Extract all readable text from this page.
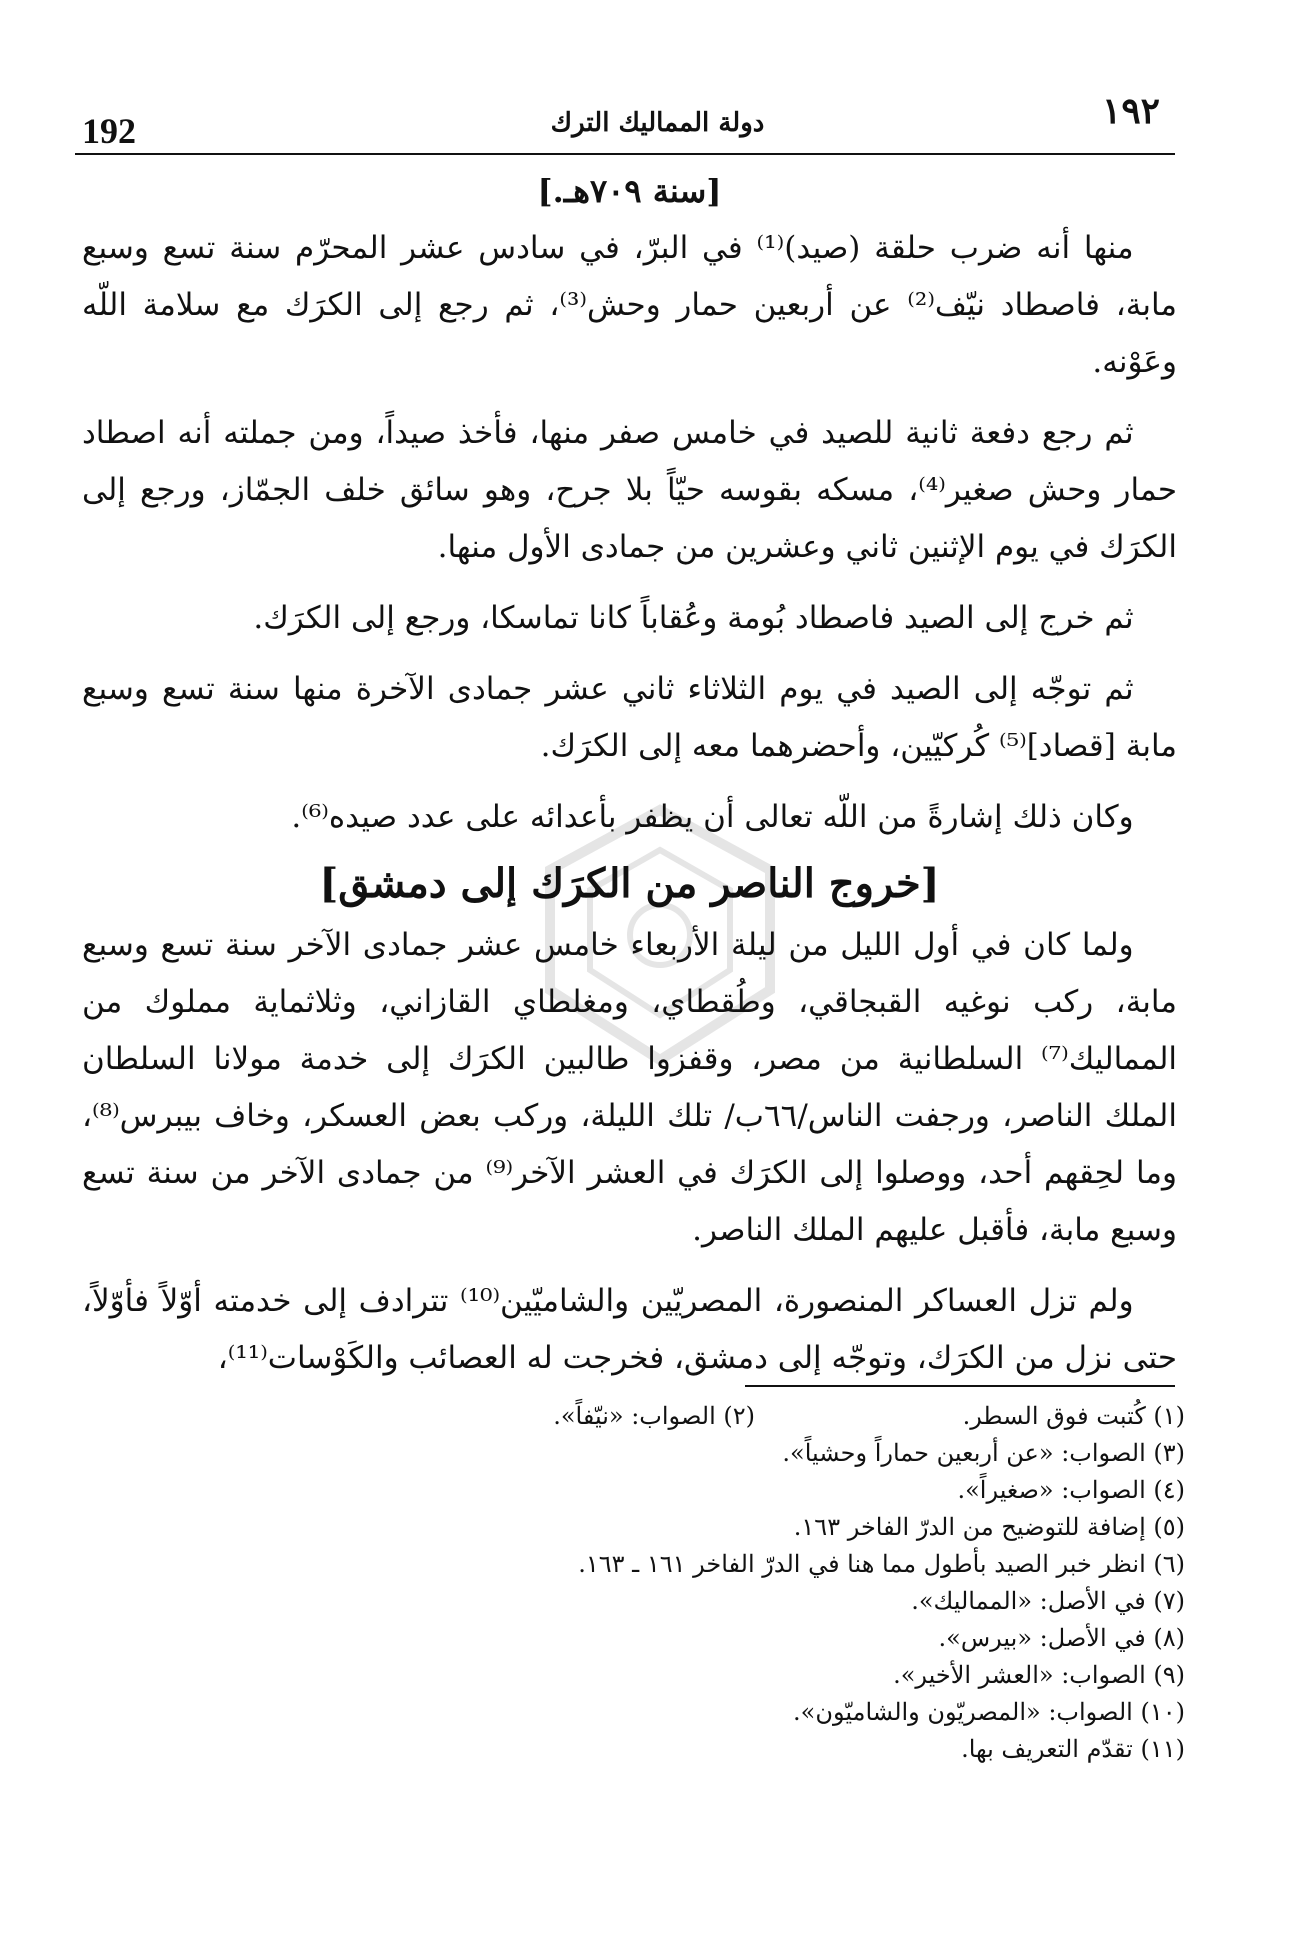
192	دولة المماليك الترك	١٩٢
[سنة ٧٠٩هـ.]

منها أنه ضرب حلقة (صيد)⁽¹⁾ في البرّ، في سادس عشر المحرّم سنة تسع وسبع مابة، فاصطاد نيّف⁽²⁾ عن أربعين حمار وحش⁽³⁾، ثم رجع إلى الكرَك مع سلامة اللّه وعَوْنه.

ثم رجع دفعة ثانية للصيد في خامس صفر منها، فأخذ صيداً، ومن جملته أنه اصطاد حمار وحش صغير⁽⁴⁾، مسكه بقوسه حيّاً بلا جرح، وهو سائق خلف الجمّاز، ورجع إلى الكرَك في يوم الإثنين ثاني وعشرين من جمادى الأول منها.

ثم خرج إلى الصيد فاصطاد بُومة وعُقاباً كانا تماسكا، ورجع إلى الكرَك.

ثم توجّه إلى الصيد في يوم الثلاثاء ثاني عشر جمادى الآخرة منها سنة تسع وسبع مابة [قصاد]⁽⁵⁾ كُركيّين، وأحضرهما معه إلى الكرَك.

وكان ذلك إشارةً من اللّه تعالى أن يظفر بأعدائه على عدد صيده⁽⁶⁾.

[خروج الناصر من الكرَك إلى دمشق]

ولما كان في أول الليل من ليلة الأربعاء خامس عشر جمادى الآخر سنة تسع وسبع مابة، ركب نوغيه القبجاقي، وطُقطاي، ومغلطاي القازاني، وثلاثماية مملوك من المماليك⁽⁷⁾ السلطانية من مصر، وقفزوا طالبين الكرَك إلى خدمة مولانا السلطان الملك الناصر، ورجفت الناس/٦٦ب/ تلك الليلة، وركب بعض العسكر، وخاف بيبرس⁽⁸⁾، وما لحِقهم أحد، ووصلوا إلى الكرَك في العشر الآخر⁽⁹⁾ من جمادى الآخر من سنة تسع وسبع مابة، فأقبل عليهم الملك الناصر.

ولم تزل العساكر المنصورة، المصريّين والشاميّين⁽¹⁰⁾ تترادف إلى خدمته أوّلاً فأوّلاً، حتى نزل من الكرَك، وتوجّه إلى دمشق، فخرجت له العصائب والكَوْسات⁽¹¹⁾،

(١) كُتبت فوق السطر.
(٢) الصواب: «نيّفاً».
(٣) الصواب: «عن أربعين حماراً وحشياً».
(٤) الصواب: «صغيراً».
(٥) إضافة للتوضيح من الدرّ الفاخر ١٦٣.
(٦) انظر خبر الصيد بأطول مما هنا في الدرّ الفاخر ١٦١ ـ ١٦٣.
(٧) في الأصل: «المماليك».
(٨) في الأصل: «بيرس».
(٩) الصواب: «العشر الأخير».
(١٠) الصواب: «المصريّون والشاميّون».
(١١) تقدّم التعريف بها.
